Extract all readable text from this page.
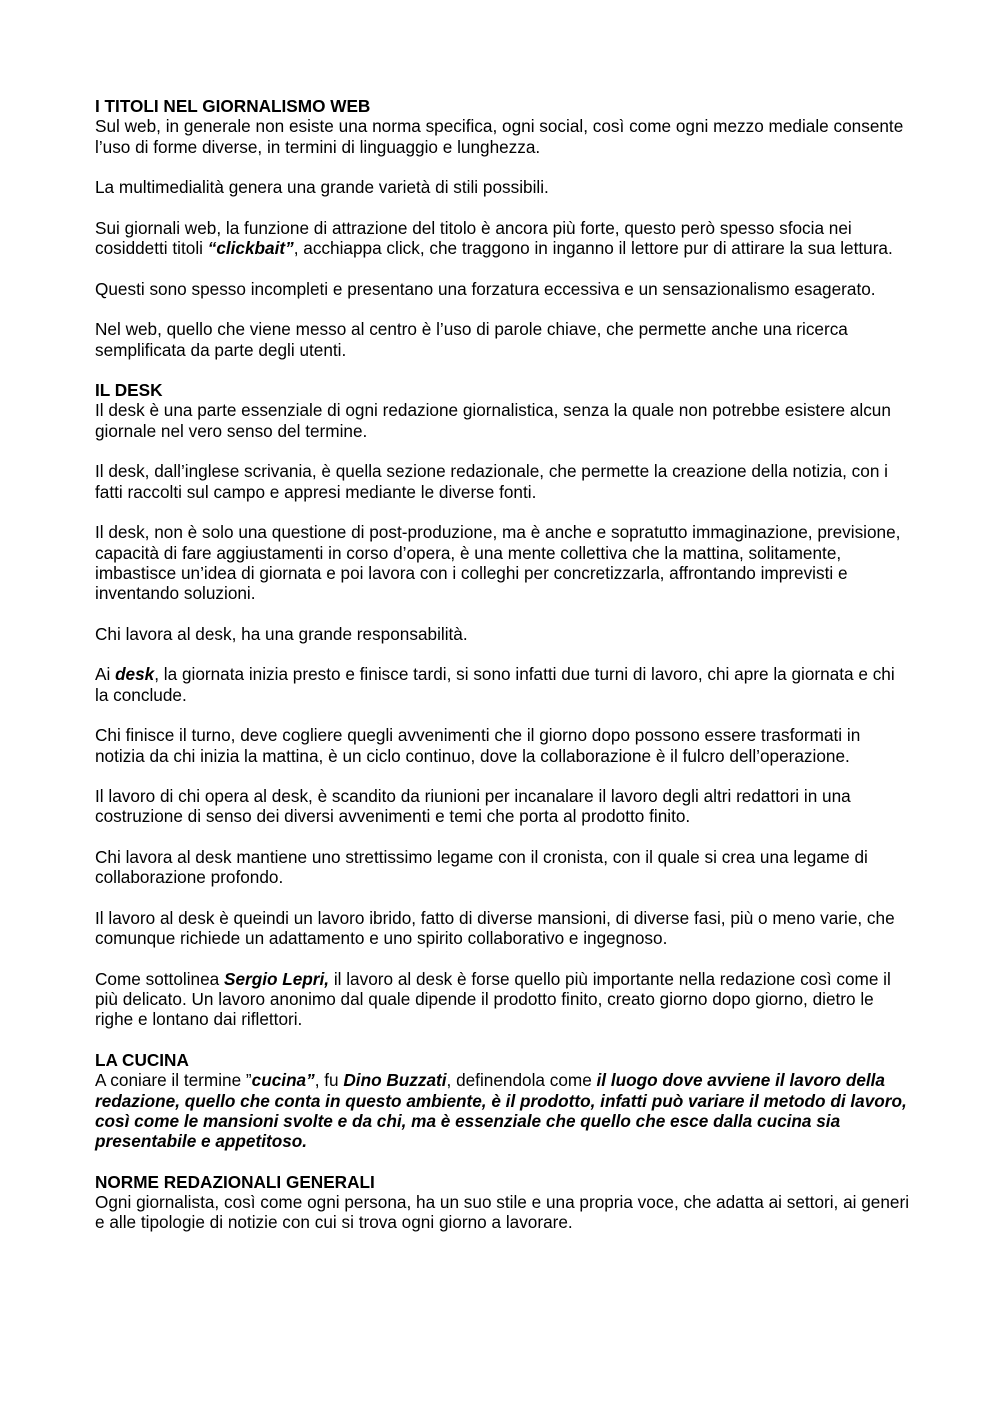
I TITOLI NEL GIORNALISMO WEB

Sul web, in generale non esiste una norma specifica, ogni social, così come ogni mezzo mediale consente l’uso di forme diverse, in termini di linguaggio e lunghezza.

La multimedialità genera una grande varietà di stili possibili.

Sui giornali web, la funzione di attrazione del titolo è ancora più forte, questo però spesso sfocia nei cosiddetti titoli “clickbait”, acchiappa click, che traggono in inganno il lettore pur di attirare la sua lettura.

Questi sono spesso incompleti e presentano una forzatura eccessiva e un sensazionalismo esagerato.

Nel web, quello che viene messo al centro è l’uso di parole chiave, che permette anche una ricerca semplificata da parte degli utenti.

IL DESK

Il desk è una parte essenziale di ogni redazione giornalistica, senza la quale non potrebbe esistere alcun giornale nel vero senso del termine.

Il desk, dall’inglese scrivania, è quella sezione redazionale, che permette la creazione della notizia, con i fatti raccolti sul campo e appresi mediante le diverse fonti.

Il desk, non è solo una questione di post-produzione, ma è anche e sopratutto immaginazione, previsione, capacità di fare aggiustamenti in corso d’opera, è una mente collettiva che la mattina, solitamente, imbastisce un’idea di giornata e poi lavora con i colleghi per concretizzarla, affrontando imprevisti e inventando soluzioni.

Chi lavora al desk, ha una grande responsabilità.

Ai desk, la giornata inizia presto e finisce tardi, si sono infatti due turni di lavoro, chi apre la giornata e chi la conclude.

Chi finisce il turno, deve cogliere quegli avvenimenti che il giorno dopo possono essere trasformati in notizia da chi inizia la mattina, è un ciclo continuo, dove la collaborazione è il fulcro dell’operazione.

Il lavoro di chi opera al desk, è scandito da riunioni per incanalare il lavoro degli altri redattori in una costruzione di senso dei diversi avvenimenti e temi che porta al prodotto finito.

Chi lavora al desk mantiene uno strettissimo legame con il cronista, con il quale si crea una legame di collaborazione profondo.

Il lavoro al desk è queindi un lavoro ibrido, fatto di diverse mansioni, di diverse fasi, più o meno varie, che comunque richiede un adattamento e uno spirito collaborativo e ingegnoso.

Come sottolinea Sergio Lepri, il lavoro al desk è forse quello più importante nella redazione così come il più delicato. Un lavoro anonimo dal quale dipende il prodotto finito, creato giorno dopo giorno, dietro le righe e lontano dai riflettori.

LA CUCINA

A coniare il termine ”cucina”, fu Dino Buzzati, definendola come il luogo dove avviene il lavoro della redazione, quello che conta in questo ambiente, è il prodotto, infatti può variare il metodo di lavoro, così come le mansioni svolte e da chi, ma è essenziale che quello che esce dalla cucina sia presentabile e appetitoso.

NORME REDAZIONALI GENERALI

Ogni giornalista, così come ogni persona, ha un suo stile e una propria voce, che adatta ai settori, ai generi e alle tipologie di notizie con cui si trova ogni giorno a lavorare.
